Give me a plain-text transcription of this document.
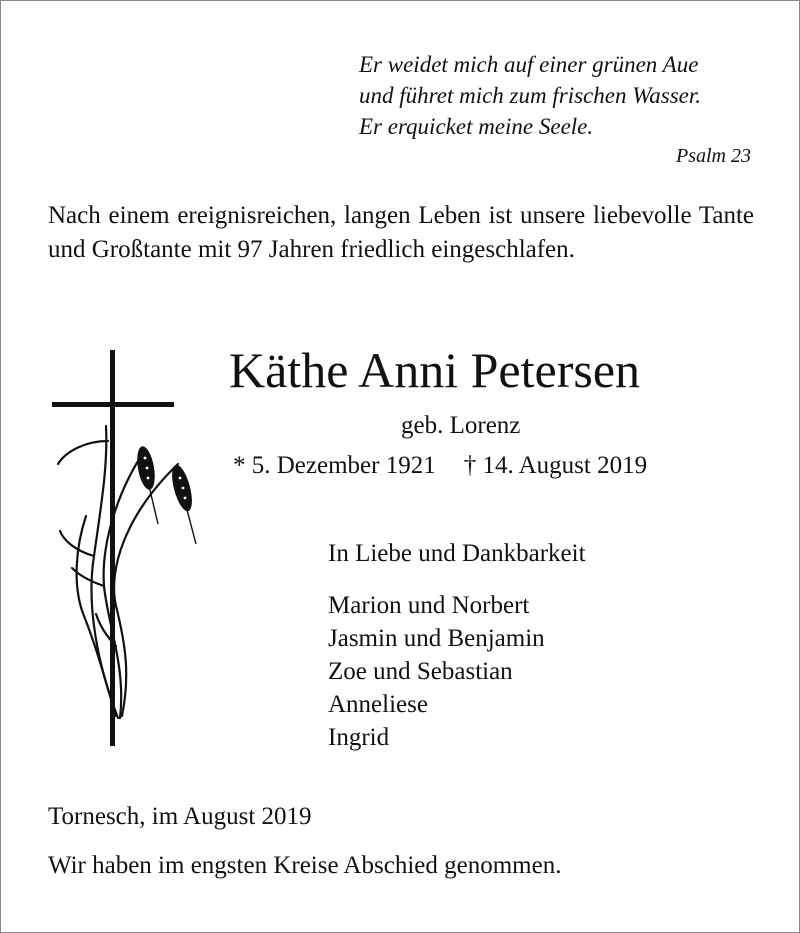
Er weidet mich auf einer grünen Aue
und führet mich zum frischen Wasser.
Er erquicket meine Seele.
Psalm 23
Nach einem ereignisreichen, langen Leben ist unsere liebevolle Tante und Großtante mit 97 Jahren friedlich eingeschlafen.
Käthe Anni Petersen
geb. Lorenz
* 5. Dezember 1921 † 14. August 2019
In Liebe und Dankbarkeit
Marion und Norbert
Jasmin und Benjamin
Zoe und Sebastian
Anneliese
Ingrid
Tornesch, im August 2019
Wir haben im engsten Kreise Abschied genommen.
